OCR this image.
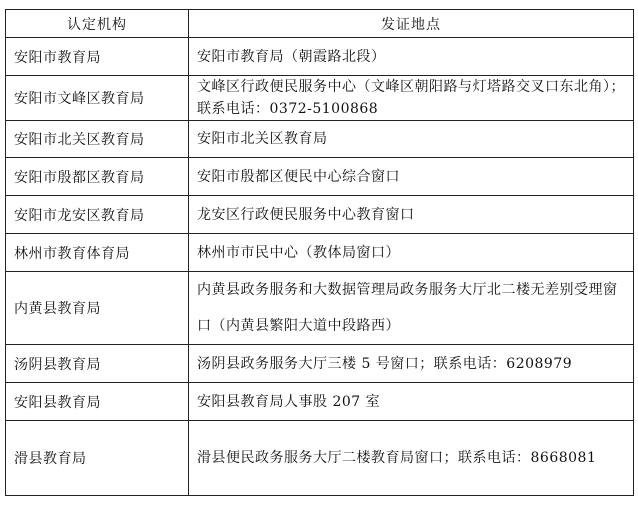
认定机构	发证地点
安阳市教育局	安阳市教育局（朝霞路北段）
安阳市文峰区教育局	文峰区行政便民服务中心（文峰区朝阳路与灯塔路交叉口东北角）；联系电话：0372-5100868
安阳市北关区教育局	安阳市北关区教育局
安阳市殷都区教育局	安阳市殷都区便民中心综合窗口
安阳市龙安区教育局	龙安区行政便民服务中心教育窗口
林州市教育体育局	林州市市民中心（教体局窗口）
内黄县教育局	内黄县政务服务和大数据管理局政务服务大厅北二楼无差别受理窗口（内黄县繁阳大道中段路西）
汤阴县教育局	汤阴县政务服务大厅三楼 5 号窗口；联系电话：6208979
安阳县教育局	安阳县教育局人事股 207 室
滑县教育局	滑县便民政务服务大厅二楼教育局窗口；联系电话：8668081
